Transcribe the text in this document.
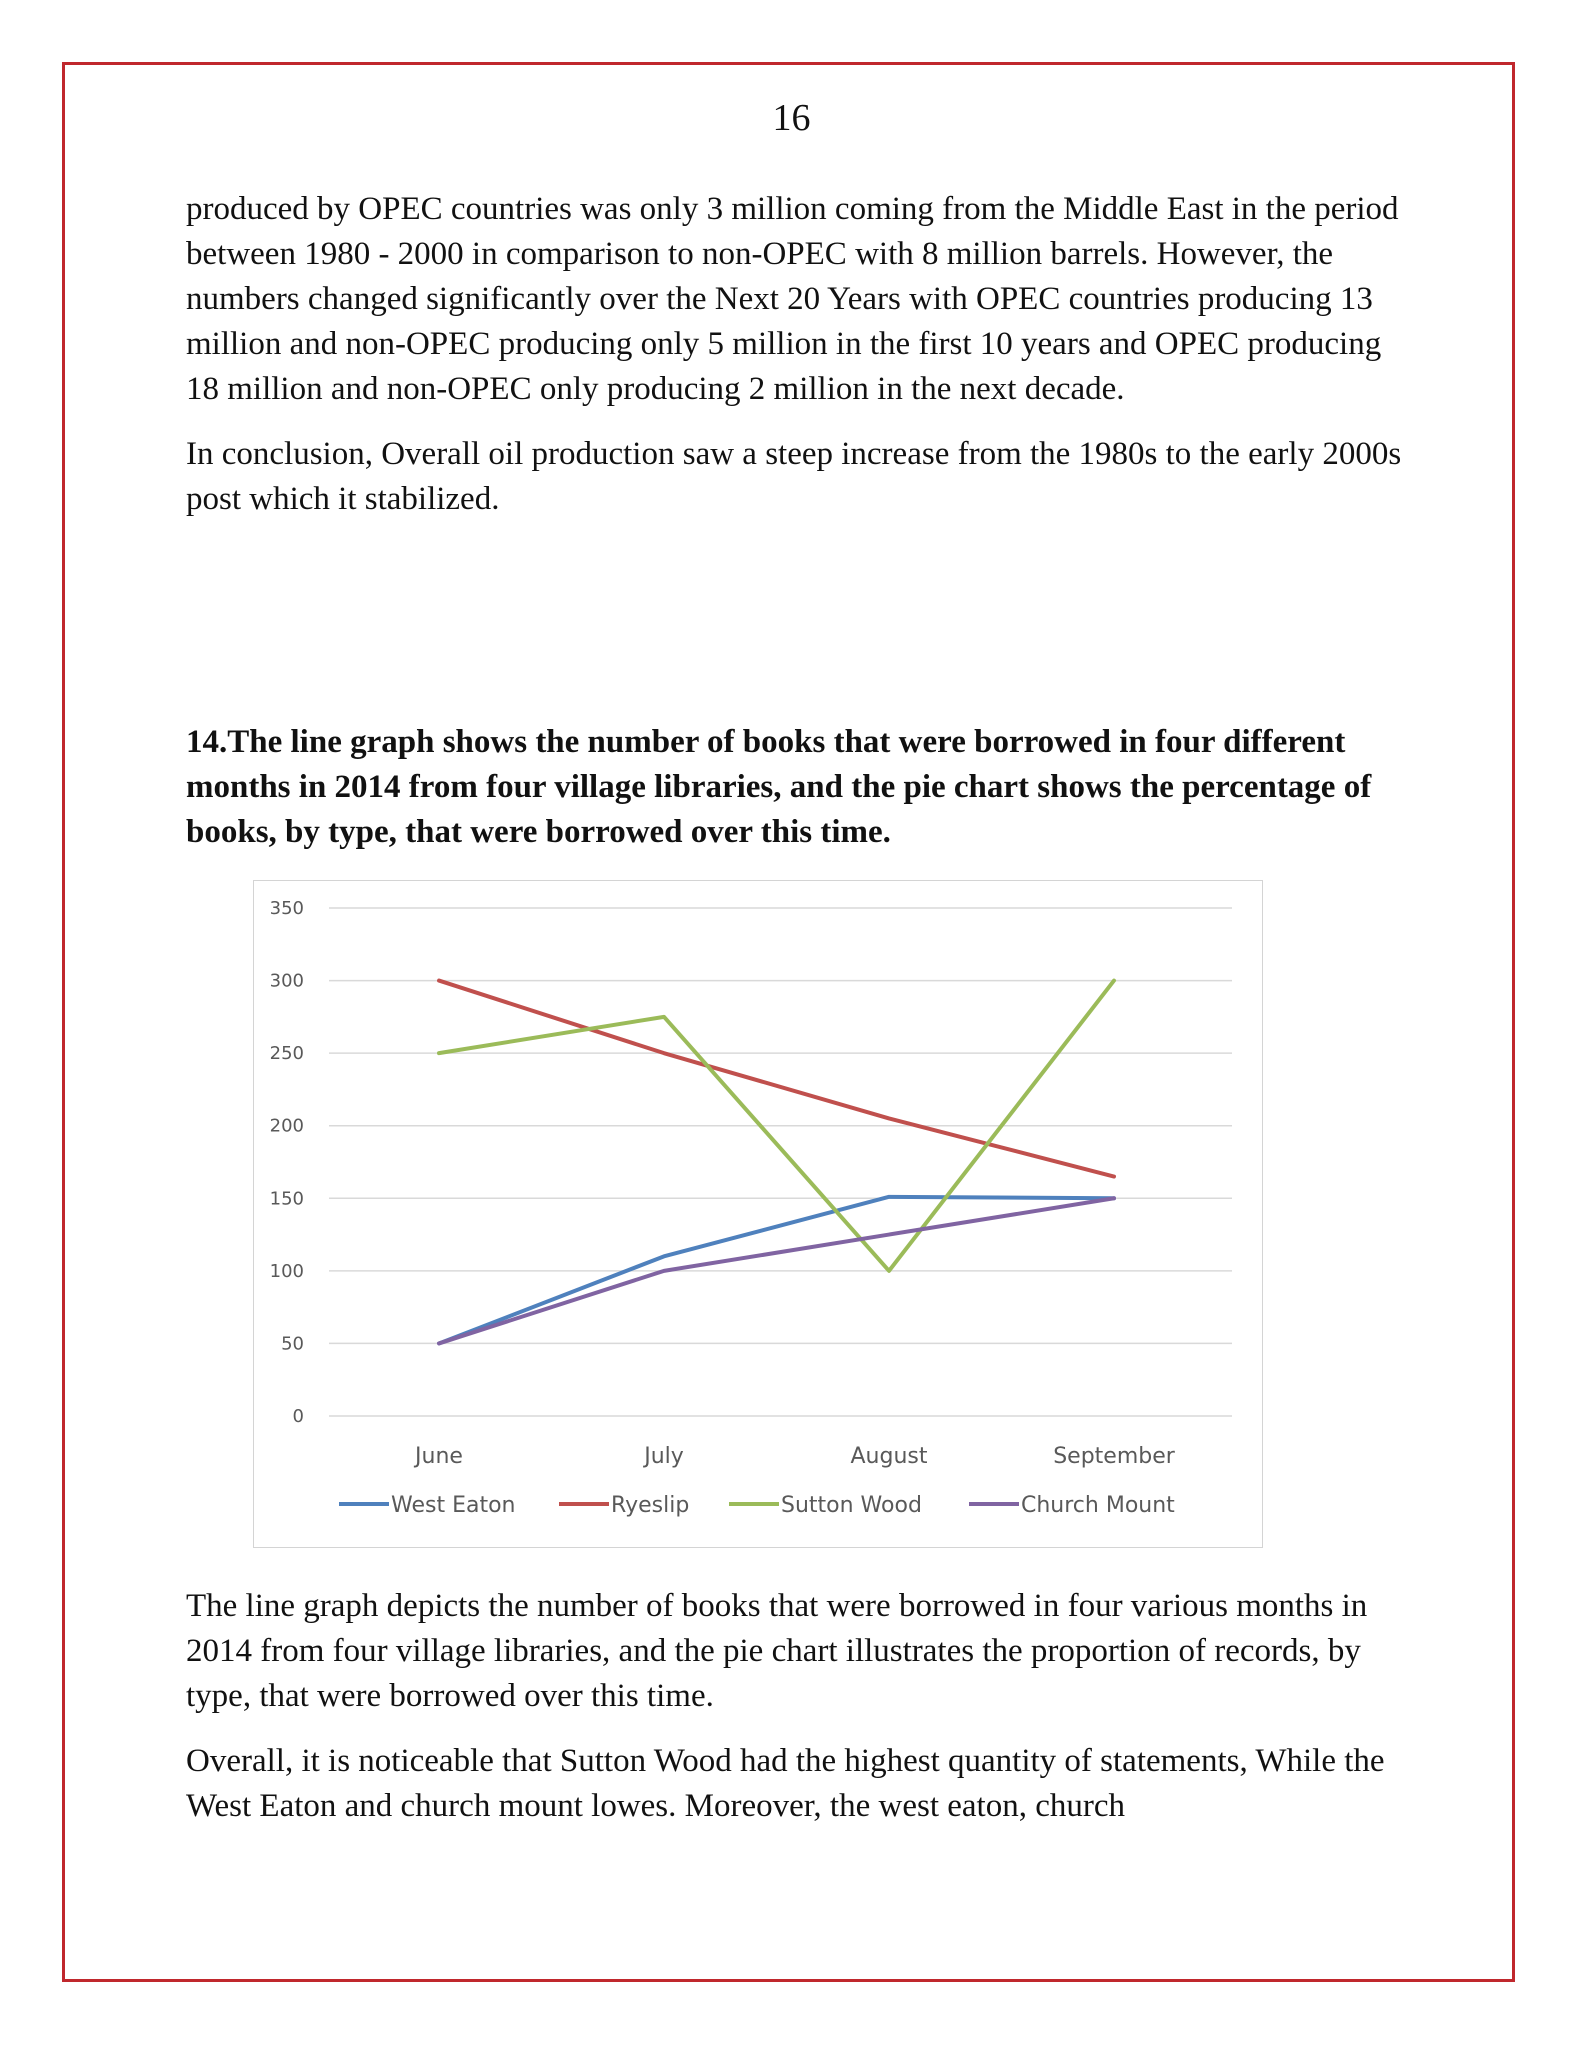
16

produced by OPEC countries was only 3 million coming from the Middle East in the period between 1980 - 2000 in comparison to non-OPEC with 8 million barrels. However, the numbers changed significantly over the Next 20 Years with OPEC countries producing 13 million and non-OPEC producing only 5 million in the first 10 years and OPEC producing 18 million and non-OPEC only producing 2 million in the next decade.

In conclusion, Overall oil production saw a steep increase from the 1980s to the early 2000s post which it stabilized.

14.The line graph shows the number of books that were borrowed in four different months in 2014 from four village libraries, and the pie chart shows the percentage of books, by type, that were borrowed over this time.

0
50
100
150
200
250
300
350
June	July	August	September
West Eaton	Ryeslip	Sutton Wood	Church Mount

The line graph depicts the number of books that were borrowed in four various months in 2014 from four village libraries, and the pie chart illustrates the proportion of records, by type, that were borrowed over this time.

Overall, it is noticeable that Sutton Wood had the highest quantity of statements, While the West Eaton and church mount lowes. Moreover, the west eaton, church
